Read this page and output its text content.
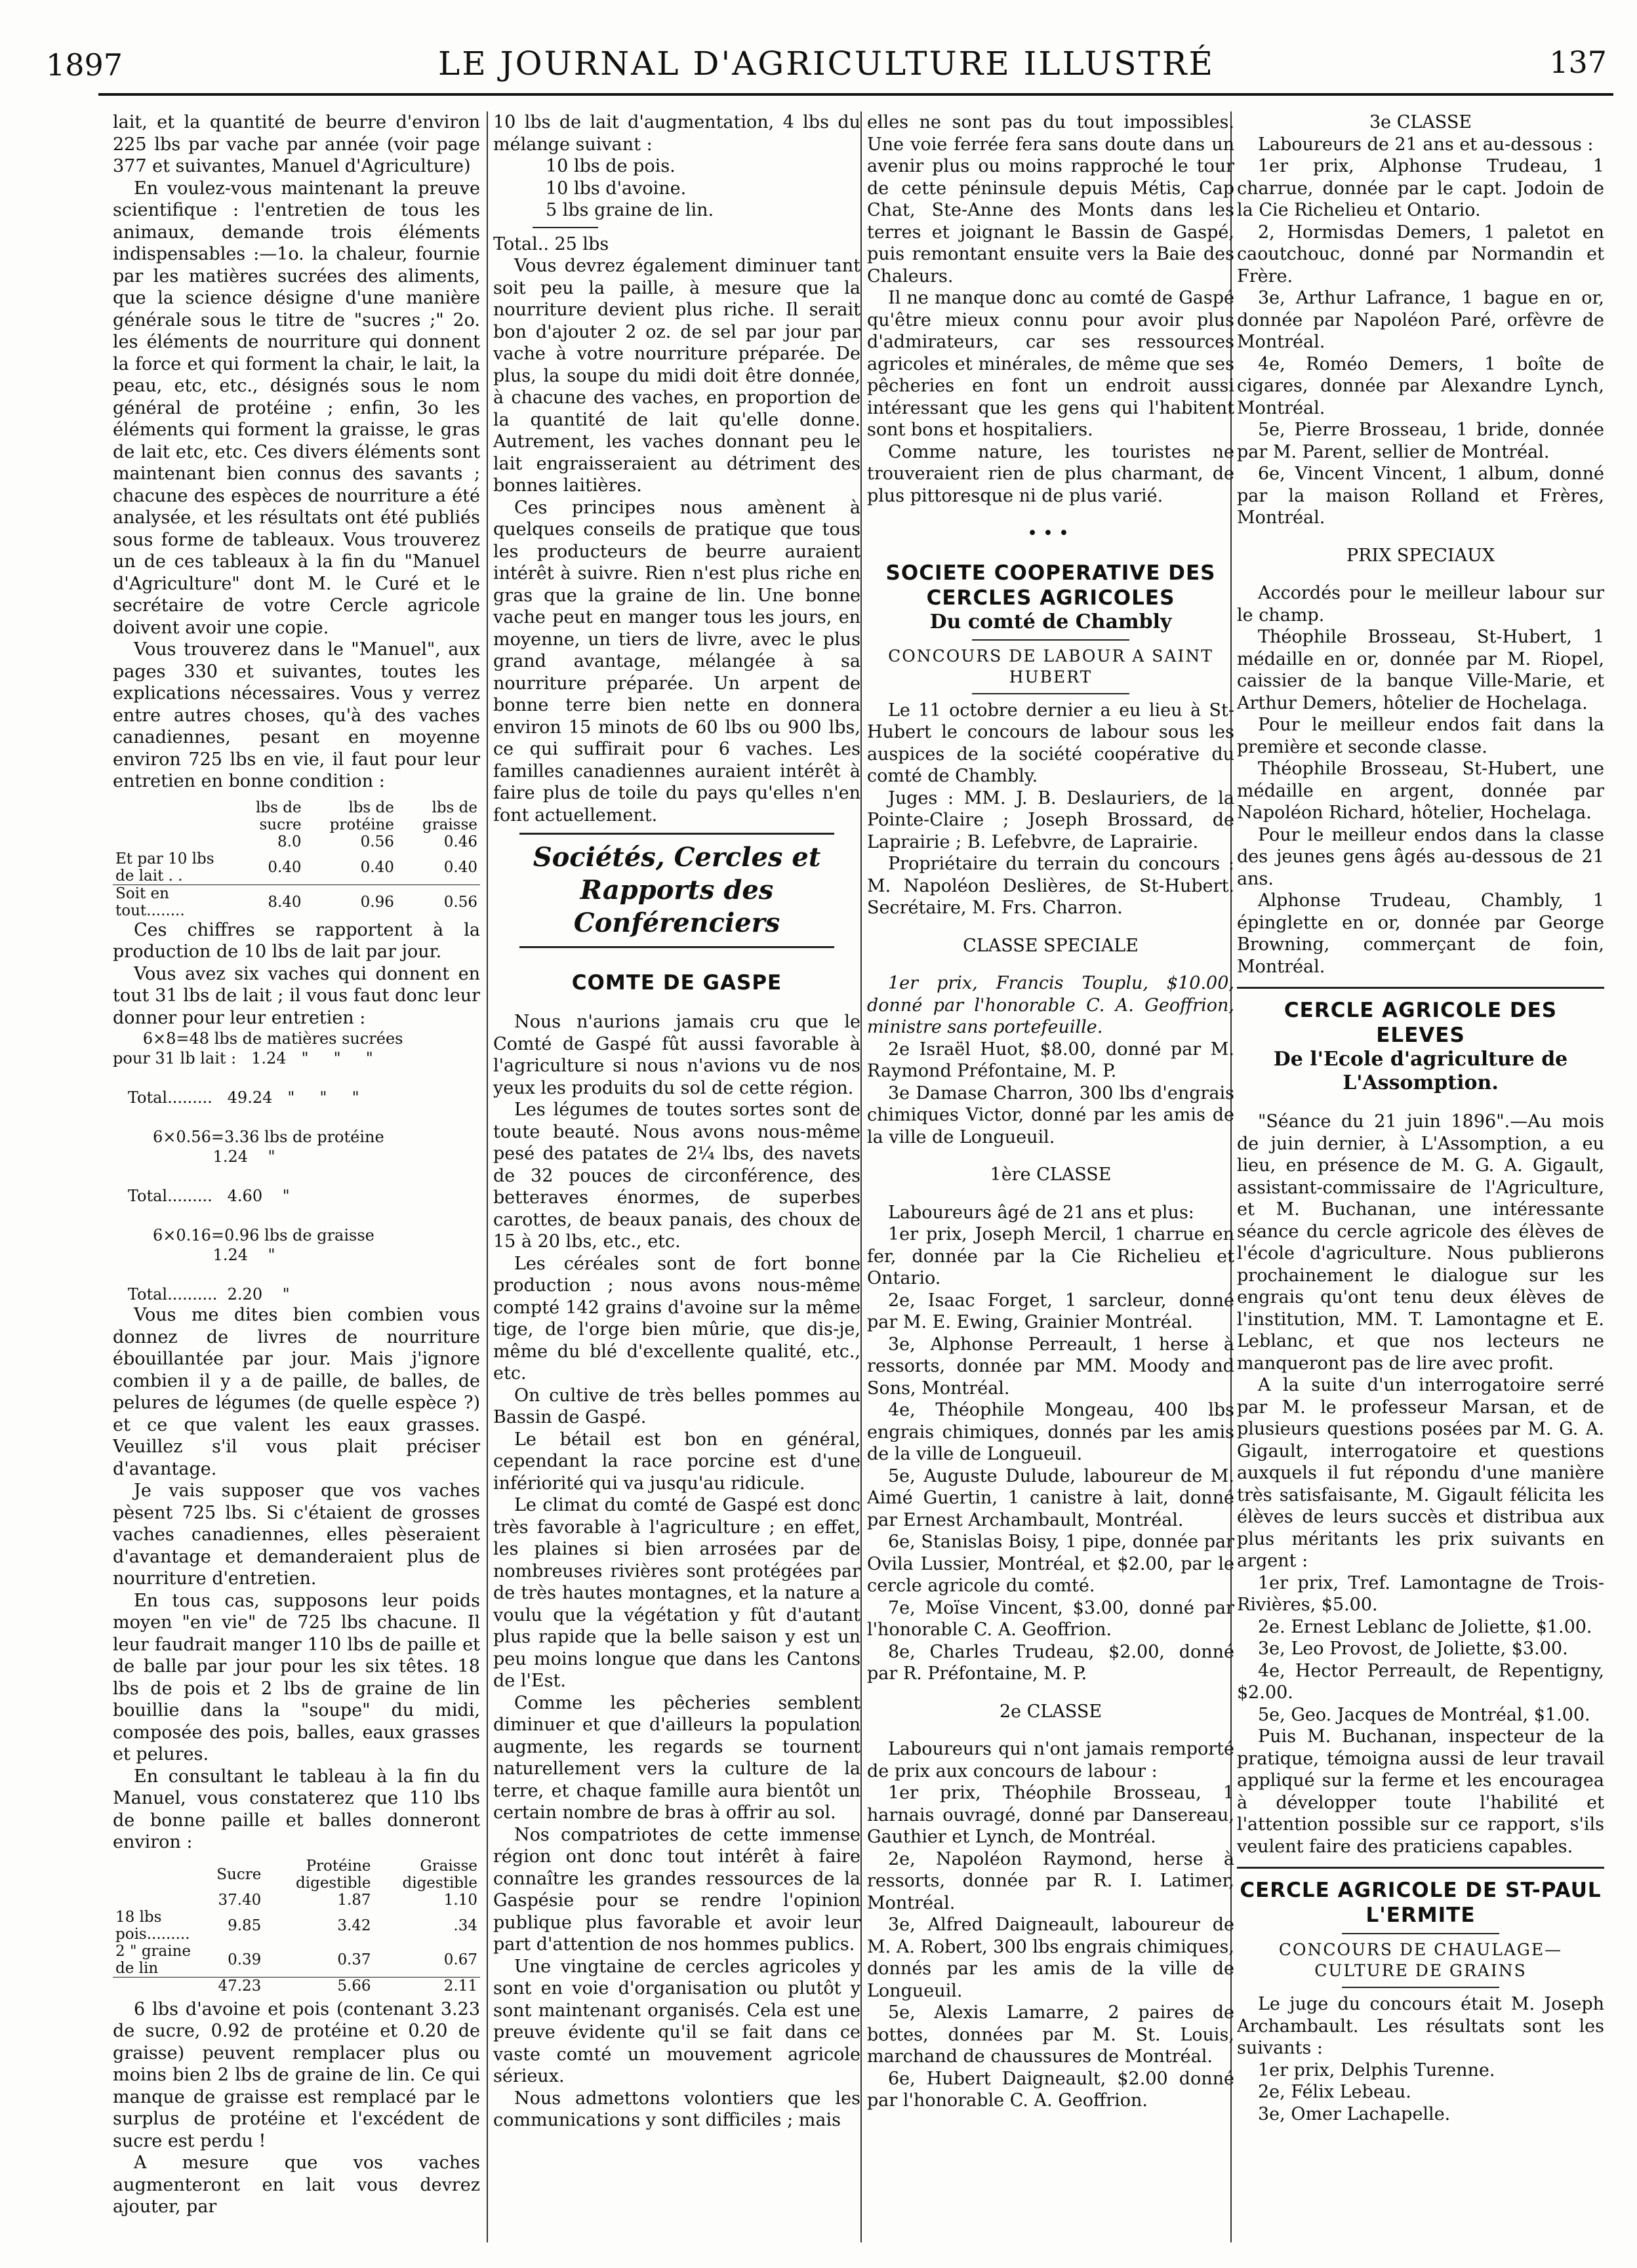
1897	LE JOURNAL D'AGRICULTURE ILLUSTRÉ	137

lait, et la quantité de beurre d'environ 225 lbs par vache par année (voir page 377 et suivantes, Manuel d'Agriculture)

En voulez-vous maintenant la preuve scientifique : l'entretien de tous les animaux, demande trois éléments indispensables :—1o. la chaleur, fournie par les matières sucrées des aliments, que la science désigne d'une manière générale sous le titre de "sucres ;" 2o. les éléments de nourriture qui donnent la force et qui forment la chair, le lait, la peau, etc, etc., désignés sous le nom général de protéine ; enfin, 3o les éléments qui forment la graisse, le gras de lait etc, etc. Ces divers éléments sont maintenant bien connus des savants ; chacune des espèces de nourriture a été analysée, et les résultats ont été publiés sous forme de tableaux. Vous trouverez un de ces tableaux à la fin du "Manuel d'Agriculture" dont M. le Curé et le secrétaire de votre Cercle agricole doivent avoir une copie.

Vous trouverez dans le "Manuel", aux pages 330 et suivantes, toutes les explications nécessaires. Vous y verrez entre autres choses, qu'à des vaches canadiennes, pesant en moyenne environ 725 lbs en vie, il faut pour leur entretien en bonne condition :

	lbs de sucre	lbs de protéine	lbs de graisse
	8.0	0.56	0.46
Et par 10 lbs de lait . .	0.40	0.40	0.40
Soit en tout........	8.40	0.96	0.56

Ces chiffres se rapportent à la production de 10 lbs de lait par jour.

Vous avez six vaches qui donnent en tout 31 lbs de lait ; il vous faut donc leur donner pour leur entretien :

6×8=48 lbs de matières sucrées
pour 31 lb lait :   1.24   "     "     "

Total.........   49.24   "     "     "

6×0.56=3.36 lbs de protéine
1.24    "

Total.........   4.60    "

6×0.16=0.96 lbs de graisse
1.24    "

Total..........  2.20    "

Vous me dites bien combien vous donnez de livres de nourriture ébouillantée par jour. Mais j'ignore combien il y a de paille, de balles, de pelures de légumes (de quelle espèce ?) et ce que valent les eaux grasses. Veuillez s'il vous plait préciser d'avantage.

Je vais supposer que vos vaches pèsent 725 lbs. Si c'étaient de grosses vaches canadiennes, elles pèseraient d'avantage et demanderaient plus de nourriture d'entretien.

En tous cas, supposons leur poids moyen "en vie" de 725 lbs chacune. Il leur faudrait manger 110 lbs de paille et de balle par jour pour les six têtes. 18 lbs de pois et 2 lbs de graine de lin bouillie dans la "soupe" du midi, composée des pois, balles, eaux grasses et pelures.

En consultant le tableau à la fin du Manuel, vous constaterez que 110 lbs de bonne paille et balles donneront environ :

	Sucre	Protéine digestible	Graisse digestible
	37.40	1.87	1.10
18 lbs pois.........	9.85	3.42	.34
2 " graine de lin	0.39	0.37	0.67
	47.23	5.66	2.11

6 lbs d'avoine et pois (contenant 3.23 de sucre, 0.92 de protéine et 0.20 de graisse) peuvent remplacer plus ou moins bien 2 lbs de graine de lin. Ce qui manque de graisse est remplacé par le surplus de protéine et l'excédent de sucre est perdu !

A mesure que vos vaches augmenteront en lait vous devrez ajouter, par

10 lbs de lait d'augmentation, 4 lbs du mélange suivant :

10 lbs de pois.

10 lbs d'avoine.

5 lbs graine de lin.

Total.. 25 lbs

Vous devrez également diminuer tant soit peu la paille, à mesure que la nourriture devient plus riche. Il serait bon d'ajouter 2 oz. de sel par jour par vache à votre nourriture préparée. De plus, la soupe du midi doit être donnée, à chacune des vaches, en proportion de la quantité de lait qu'elle donne. Autrement, les vaches donnant peu le lait engraisseraient au détriment des bonnes laitières.

Ces principes nous amènent à quelques conseils de pratique que tous les producteurs de beurre auraient intérêt à suivre. Rien n'est plus riche en gras que la graine de lin. Une bonne vache peut en manger tous les jours, en moyenne, un tiers de livre, avec le plus grand avantage, mélangée à sa nourriture préparée. Un arpent de bonne terre bien nette en donnera environ 15 minots de 60 lbs ou 900 lbs, ce qui suffirait pour 6 vaches. Les familles canadiennes auraient intérêt à faire plus de toile du pays qu'elles n'en font actuellement.

Sociétés, Cercles et Rapports des Conférenciers
COMTE DE GASPE

Nous n'aurions jamais cru que le Comté de Gaspé fût aussi favorable à l'agriculture si nous n'avions vu de nos yeux les produits du sol de cette région.

Les légumes de toutes sortes sont de toute beauté. Nous avons nous-même pesé des patates de 2¼ lbs, des navets de 32 pouces de circonférence, des betteraves énormes, de superbes carottes, de beaux panais, des choux de 15 à 20 lbs, etc., etc.

Les céréales sont de fort bonne production ; nous avons nous-même compté 142 grains d'avoine sur la même tige, de l'orge bien mûrie, que dis-je, même du blé d'excellente qualité, etc., etc.

On cultive de très belles pommes au Bassin de Gaspé.

Le bétail est bon en général, cependant la race porcine est d'une infériorité qui va jusqu'au ridicule.

Le climat du comté de Gaspé est donc très favorable à l'agriculture ; en effet, les plaines si bien arrosées par de nombreuses rivières sont protégées par de très hautes montagnes, et la nature a voulu que la végétation y fût d'autant plus rapide que la belle saison y est un peu moins longue que dans les Cantons de l'Est.

Comme les pêcheries semblent diminuer et que d'ailleurs la population augmente, les regards se tournent naturellement vers la culture de la terre, et chaque famille aura bientôt un certain nombre de bras à offrir au sol.

Nos compatriotes de cette immense région ont donc tout intérêt à faire connaître les grandes ressources de la Gaspésie pour se rendre l'opinion publique plus favorable et avoir leur part d'attention de nos hommes publics.

Une vingtaine de cercles agricoles y sont en voie d'organisation ou plutôt y sont maintenant organisés. Cela est une preuve évidente qu'il se fait dans ce vaste comté un mouvement agricole sérieux.

Nous admettons volontiers que les communications y sont difficiles ; mais

elles ne sont pas du tout impossibles. Une voie ferrée fera sans doute dans un avenir plus ou moins rapproché le tour de cette péninsule depuis Métis, Cap Chat, Ste-Anne des Monts dans les terres et joignant le Bassin de Gaspé, puis remontant ensuite vers la Baie des Chaleurs.

Il ne manque donc au comté de Gaspé qu'être mieux connu pour avoir plus d'admirateurs, car ses ressources agricoles et minérales, de même que ses pêcheries en font un endroit aussi intéressant que les gens qui l'habitent sont bons et hospitaliers.

Comme nature, les touristes ne trouveraient rien de plus charmant, de plus pittoresque ni de plus varié.

•••
SOCIETE COOPERATIVE DES CERCLES AGRICOLES
Du comté de Chambly
CONCOURS DE LABOUR A SAINT HUBERT

Le 11 octobre dernier a eu lieu à St-Hubert le concours de labour sous les auspices de la société coopérative du comté de Chambly.

Juges : MM. J. B. Deslauriers, de la Pointe-Claire ; Joseph Brossard, de Laprairie ; B. Lefebvre, de Laprairie.

Propriétaire du terrain du concours : M. Napoléon Deslières, de St-Hubert. Secrétaire, M. Frs. Charron.

CLASSE SPECIALE

1er prix, Francis Touplu, $10.00, donné par l'honorable C. A. Geoffrion, ministre sans portefeuille.

2e Israël Huot, $8.00, donné par M. Raymond Préfontaine, M. P.

3e Damase Charron, 300 lbs d'engrais chimiques Victor, donné par les amis de la ville de Longueuil.

1ère CLASSE

Laboureurs âgé de 21 ans et plus:

1er prix, Joseph Mercil, 1 charrue en fer, donnée par la Cie Richelieu et Ontario.

2e, Isaac Forget, 1 sarcleur, donné par M. E. Ewing, Grainier Montréal.

3e, Alphonse Perreault, 1 herse à ressorts, donnée par MM. Moody and Sons, Montréal.

4e, Théophile Mongeau, 400 lbs engrais chimiques, donnés par les amis de la ville de Longueuil.

5e, Auguste Dulude, laboureur de M. Aimé Guertin, 1 canistre à lait, donné par Ernest Archambault, Montréal.

6e, Stanislas Boisy, 1 pipe, donnée par Ovila Lussier, Montréal, et $2.00, par le cercle agricole du comté.

7e, Moïse Vincent, $3.00, donné par l'honorable C. A. Geoffrion.

8e, Charles Trudeau, $2.00, donné par R. Préfontaine, M. P.

2e CLASSE

Laboureurs qui n'ont jamais remporté de prix aux concours de labour :

1er prix, Théophile Brosseau, 1 harnais ouvragé, donné par Dansereau, Gauthier et Lynch, de Montréal.

2e, Napoléon Raymond, herse à ressorts, donnée par R. I. Latimer, Montréal.

3e, Alfred Daigneault, laboureur de M. A. Robert, 300 lbs engrais chimiques, donnés par les amis de la ville de Longueuil.

5e, Alexis Lamarre, 2 paires de bottes, données par M. St. Louis, marchand de chaussures de Montréal.

6e, Hubert Daigneault, $2.00 donné par l'honorable C. A. Geoffrion.

3e CLASSE

Laboureurs de 21 ans et au-dessous :

1er prix, Alphonse Trudeau, 1 charrue, donnée par le capt. Jodoin de la Cie Richelieu et Ontario.

2, Hormisdas Demers, 1 paletot en caoutchouc, donné par Normandin et Frère.

3e, Arthur Lafrance, 1 bague en or, donnée par Napoléon Paré, orfèvre de Montréal.

4e, Roméo Demers, 1 boîte de cigares, donnée par Alexandre Lynch, Montréal.

5e, Pierre Brosseau, 1 bride, donnée par M. Parent, sellier de Montréal.

6e, Vincent Vincent, 1 album, donné par la maison Rolland et Frères, Montréal.

PRIX SPECIAUX

Accordés pour le meilleur labour sur le champ.

Théophile Brosseau, St-Hubert, 1 médaille en or, donnée par M. Riopel, caissier de la banque Ville-Marie, et Arthur Demers, hôtelier de Hochelaga.

Pour le meilleur endos fait dans la première et seconde classe.

Théophile Brosseau, St-Hubert, une médaille en argent, donnée par Napoléon Richard, hôtelier, Hochelaga.

Pour le meilleur endos dans la classe des jeunes gens âgés au-dessous de 21 ans.

Alphonse Trudeau, Chambly, 1 épinglette en or, donnée par George Browning, commerçant de foin, Montréal.

CERCLE AGRICOLE DES ELEVES
De l'Ecole d'agriculture de L'Assomption.

"Séance du 21 juin 1896".—Au mois de juin dernier, à L'Assomption, a eu lieu, en présence de M. G. A. Gigault, assistant-commissaire de l'Agriculture, et M. Buchanan, une intéressante séance du cercle agricole des élèves de l'école d'agriculture. Nous publierons prochainement le dialogue sur les engrais qu'ont tenu deux élèves de l'institution, MM. T. Lamontagne et E. Leblanc, et que nos lecteurs ne manqueront pas de lire avec profit.

A la suite d'un interrogatoire serré par M. le professeur Marsan, et de plusieurs questions posées par M. G. A. Gigault, interrogatoire et questions auxquels il fut répondu d'une manière très satisfaisante, M. Gigault félicita les élèves de leurs succès et distribua aux plus méritants les prix suivants en argent :

1er prix, Tref. Lamontagne de Trois-Rivières, $5.00.

2e. Ernest Leblanc de Joliette, $1.00.

3e, Leo Provost, de Joliette, $3.00.

4e, Hector Perreault, de Repentigny, $2.00.

5e, Geo. Jacques de Montréal, $1.00.

Puis M. Buchanan, inspecteur de la pratique, témoigna aussi de leur travail appliqué sur la ferme et les encouragea à développer toute l'habilité et l'attention possible sur ce rapport, s'ils veulent faire des praticiens capables.

CERCLE AGRICOLE DE ST-PAUL L'ERMITE
CONCOURS DE CHAULAGE—CULTURE DE GRAINS

Le juge du concours était M. Joseph Archambault. Les résultats sont les suivants :

1er prix, Delphis Turenne.

2e, Félix Lebeau.

3e, Omer Lachapelle.
